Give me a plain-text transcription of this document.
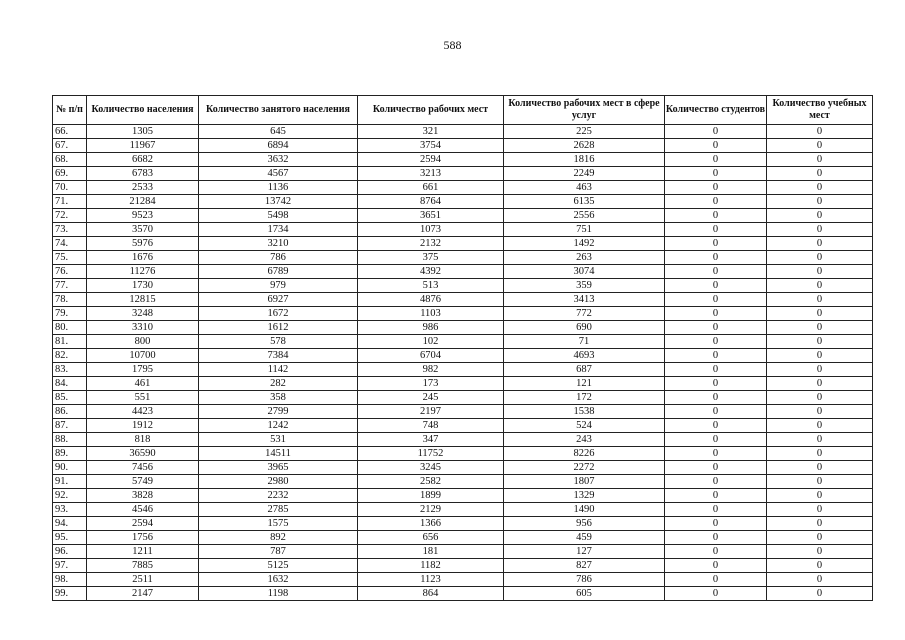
588
№ п/п	Количество населения	Количество занятого населения	Количество рабочих мест	Количество рабочих мест в сфере услуг	Количество студентов	Количество учебных мест
66.	1305	645	321	225	0	0
67.	11967	6894	3754	2628	0	0
68.	6682	3632	2594	1816	0	0
69.	6783	4567	3213	2249	0	0
70.	2533	1136	661	463	0	0
71.	21284	13742	8764	6135	0	0
72.	9523	5498	3651	2556	0	0
73.	3570	1734	1073	751	0	0
74.	5976	3210	2132	1492	0	0
75.	1676	786	375	263	0	0
76.	11276	6789	4392	3074	0	0
77.	1730	979	513	359	0	0
78.	12815	6927	4876	3413	0	0
79.	3248	1672	1103	772	0	0
80.	3310	1612	986	690	0	0
81.	800	578	102	71	0	0
82.	10700	7384	6704	4693	0	0
83.	1795	1142	982	687	0	0
84.	461	282	173	121	0	0
85.	551	358	245	172	0	0
86.	4423	2799	2197	1538	0	0
87.	1912	1242	748	524	0	0
88.	818	531	347	243	0	0
89.	36590	14511	11752	8226	0	0
90.	7456	3965	3245	2272	0	0
91.	5749	2980	2582	1807	0	0
92.	3828	2232	1899	1329	0	0
93.	4546	2785	2129	1490	0	0
94.	2594	1575	1366	956	0	0
95.	1756	892	656	459	0	0
96.	1211	787	181	127	0	0
97.	7885	5125	1182	827	0	0
98.	2511	1632	1123	786	0	0
99.	2147	1198	864	605	0	0
